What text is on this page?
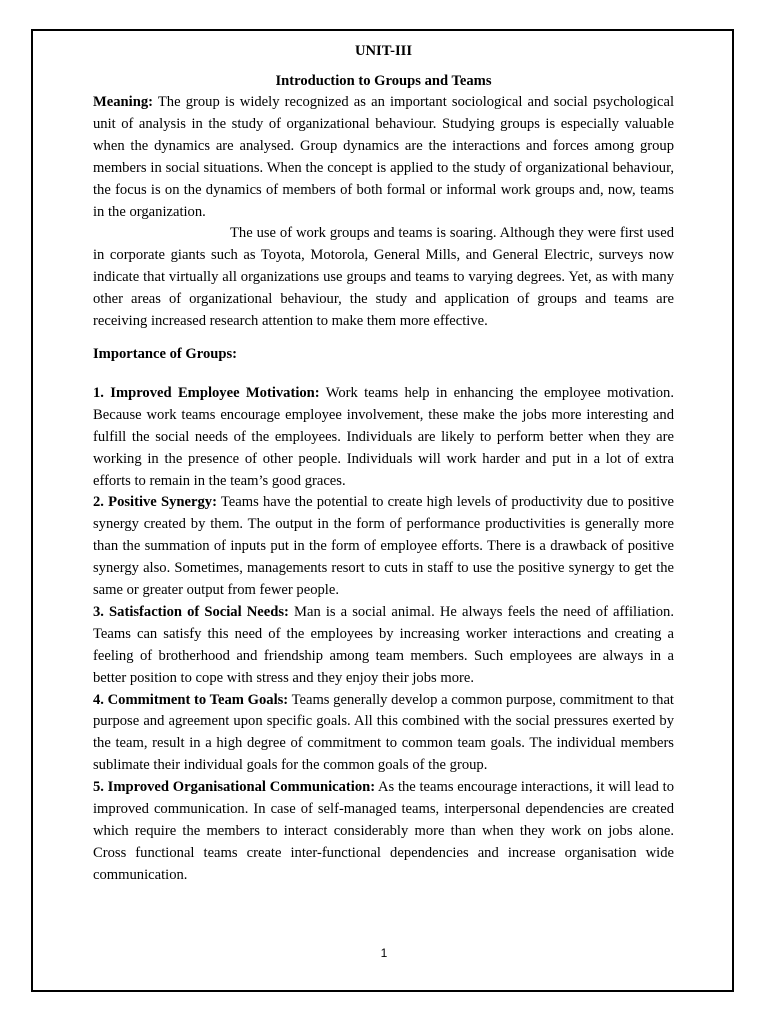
UNIT-III

Introduction to Groups and Teams

Meaning: The group is widely recognized as an important sociological and social psychological unit of analysis in the study of organizational behaviour. Studying groups is especially valuable when the dynamics are analysed. Group dynamics are the interactions and forces among group members in social situations. When the concept is applied to the study of organizational behaviour, the focus is on the dynamics of members of both formal or informal work groups and, now, teams in the organization.

The use of work groups and teams is soaring. Although they were first used in corporate giants such as Toyota, Motorola, General Mills, and General Electric, surveys now indicate that virtually all organizations use groups and teams to varying degrees. Yet, as with many other areas of organizational behaviour, the study and application of groups and teams are receiving increased research attention to make them more effective.

Importance of Groups:

1. Improved Employee Motivation: Work teams help in enhancing the employee motivation. Because work teams encourage employee involvement, these make the jobs more interesting and fulfill the social needs of the employees. Individuals are likely to perform better when they are working in the presence of other people. Individuals will work harder and put in a lot of extra efforts to remain in the team’s good graces.

2. Positive Synergy: Teams have the potential to create high levels of productivity due to positive synergy created by them. The output in the form of performance productivities is generally more than the summation of inputs put in the form of employee efforts. There is a drawback of positive synergy also. Sometimes, managements resort to cuts in staff to use the positive synergy to get the same or greater output from fewer people.

3. Satisfaction of Social Needs: Man is a social animal. He always feels the need of affiliation. Teams can satisfy this need of the employees by increasing worker interactions and creating a feeling of brotherhood and friendship among team members. Such employees are always in a better position to cope with stress and they enjoy their jobs more.

4. Commitment to Team Goals: Teams generally develop a common purpose, commitment to that purpose and agreement upon specific goals. All this combined with the social pressures exerted by the team, result in a high degree of commitment to common team goals. The individual members sublimate their individual goals for the common goals of the group.

5. Improved Organisational Communication: As the teams encourage interactions, it will lead to improved communication. In case of self-managed teams, interpersonal dependencies are created which require the members to interact considerably more than when they work on jobs alone. Cross functional teams create inter-functional dependencies and increase organisation wide communication.

1
